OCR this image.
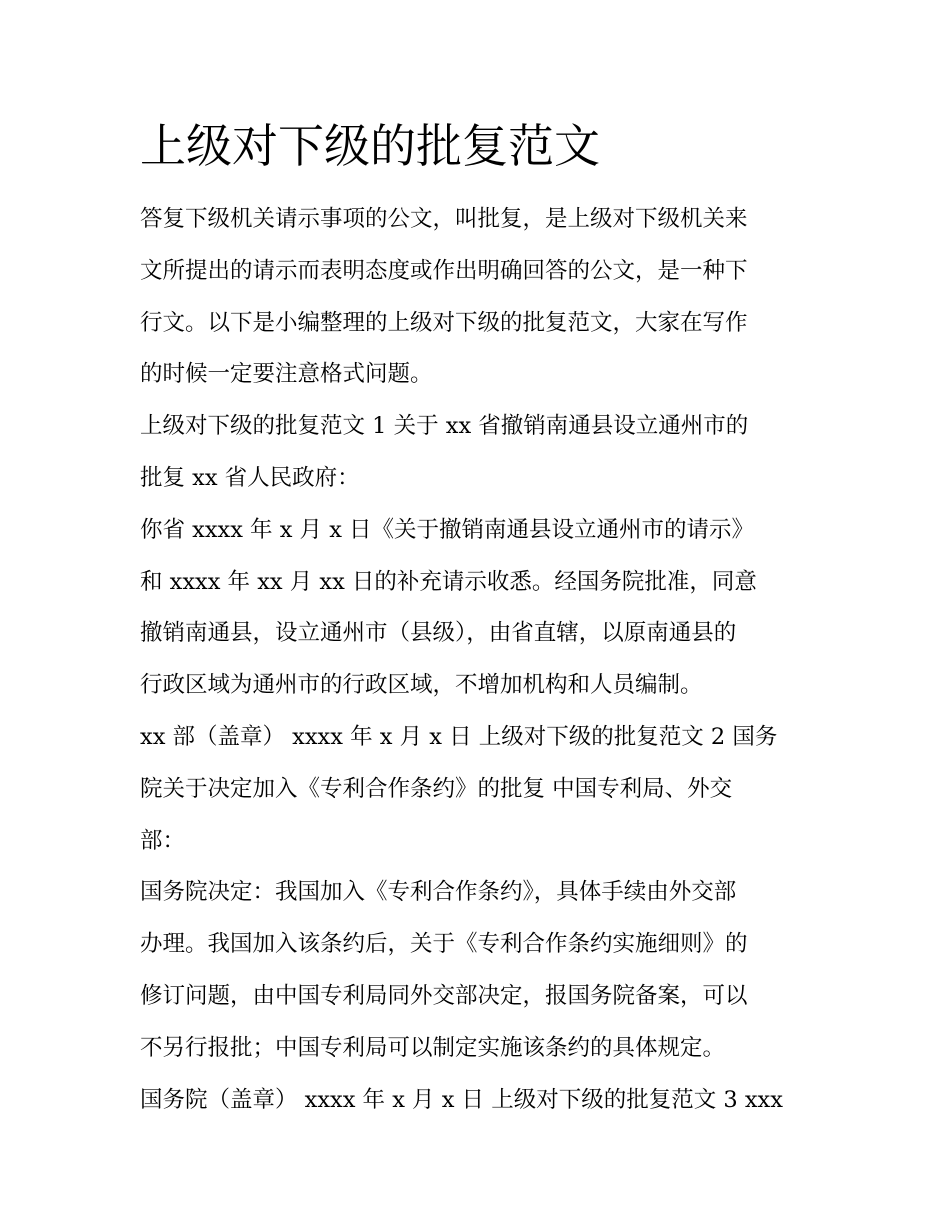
上级对下级的批复范文
答复下级机关请示事项的公文，叫批复，是上级对下级机关来
文所提出的请示而表明态度或作出明确回答的公文，是一种下
行文。以下是小编整理的上级对下级的批复范文，大家在写作
的时候一定要注意格式问题。
上级对下级的批复范文 1 关于 xx 省撤销南通县设立通州市的
批复 xx 省人民政府：
你省 xxxx 年 x 月 x 日《关于撤销南通县设立通州市的请示》
和 xxxx 年 xx 月 xx 日的补充请示收悉。经国务院批准，同意
撤销南通县，设立通州市（县级），由省直辖，以原南通县的
行政区域为通州市的行政区域，不增加机构和人员编制。
xx 部（盖章） xxxx 年 x 月 x 日 上级对下级的批复范文 2 国务
院关于决定加入《专利合作条约》的批复 中国专利局、外交
部：
国务院决定：我国加入《专利合作条约》，具体手续由外交部
办理。我国加入该条约后，关于《专利合作条约实施细则》的
修订问题，由中国专利局同外交部决定，报国务院备案，可以
不另行报批；中国专利局可以制定实施该条约的具体规定。
国务院（盖章） xxxx 年 x 月 x 日 上级对下级的批复范文 3 xxx
